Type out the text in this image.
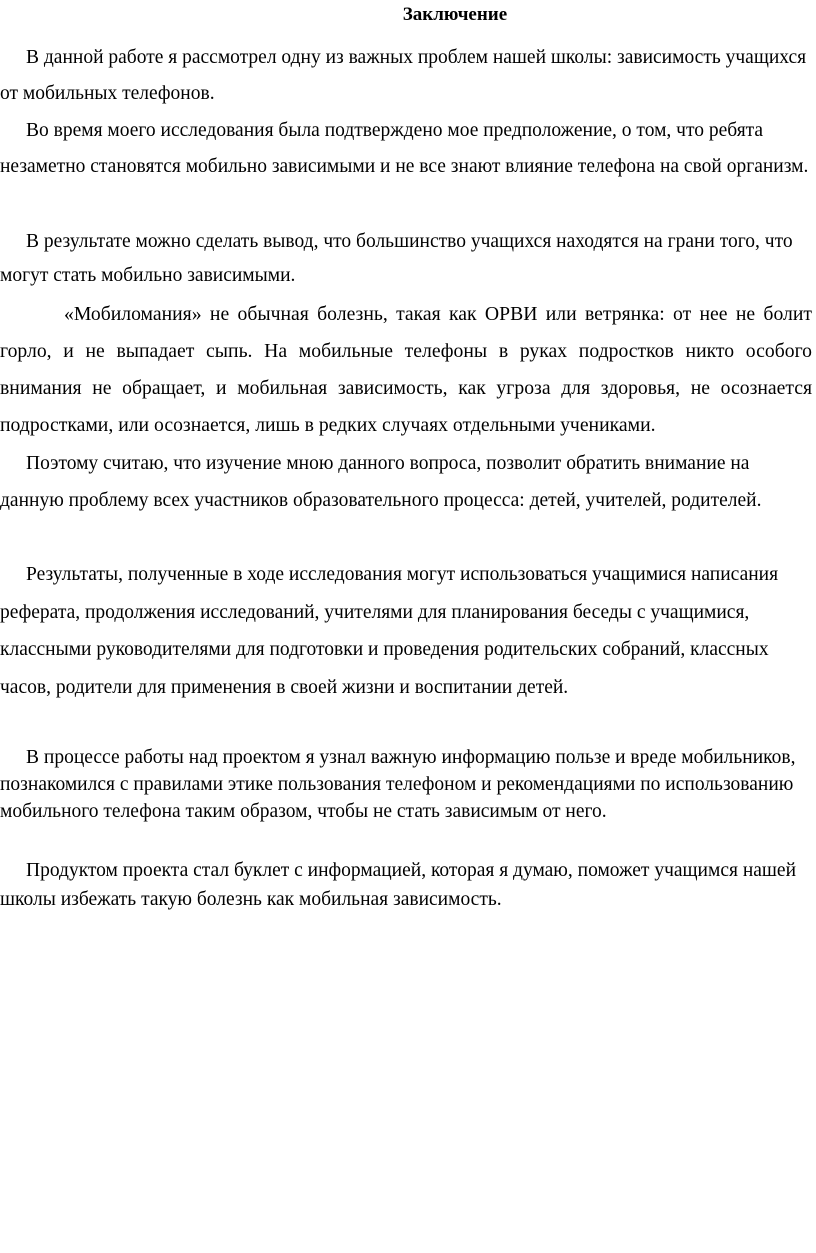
Заключение

В данной работе я рассмотрел одну из важных проблем нашей школы: зависимость учащихся от мобильных телефонов.

Во время моего исследования была подтверждено мое предположение, о том, что ребята незаметно становятся мобильно зависимыми и не все знают влияние телефона на свой организм.

В результате можно сделать вывод, что большинство учащихся находятся на грани того, что могут стать мобильно зависимыми.

«Мобиломания» не обычная болезнь, такая как ОРВИ или ветрянка: от нее не болит горло, и не выпадает сыпь. На мобильные телефоны в руках подростков никто особого внимания не обращает, и мобильная зависимость, как угроза для здоровья, не осознается подростками, или осознается, лишь в редких случаях отдельными учениками.

Поэтому считаю, что изучение мною данного вопроса, позволит обратить внимание на данную проблему всех участников образовательного процесса: детей, учителей, родителей.

Результаты, полученные в ходе исследования могут использоваться учащимися написания реферата, продолжения исследований, учителями для планирования беседы с учащимися, классными руководителями для подготовки и проведения родительских собраний, классных часов, родители для применения в своей жизни и воспитании детей.

В процессе работы над проектом я узнал важную информацию пользе и вреде мобильников, познакомился с правилами этике пользования телефоном и рекомендациями по использованию мобильного телефона таким образом, чтобы не стать зависимым от него.

Продуктом проекта стал буклет с информацией, которая я думаю, поможет учащимся нашей школы избежать такую болезнь как мобильная зависимость.
